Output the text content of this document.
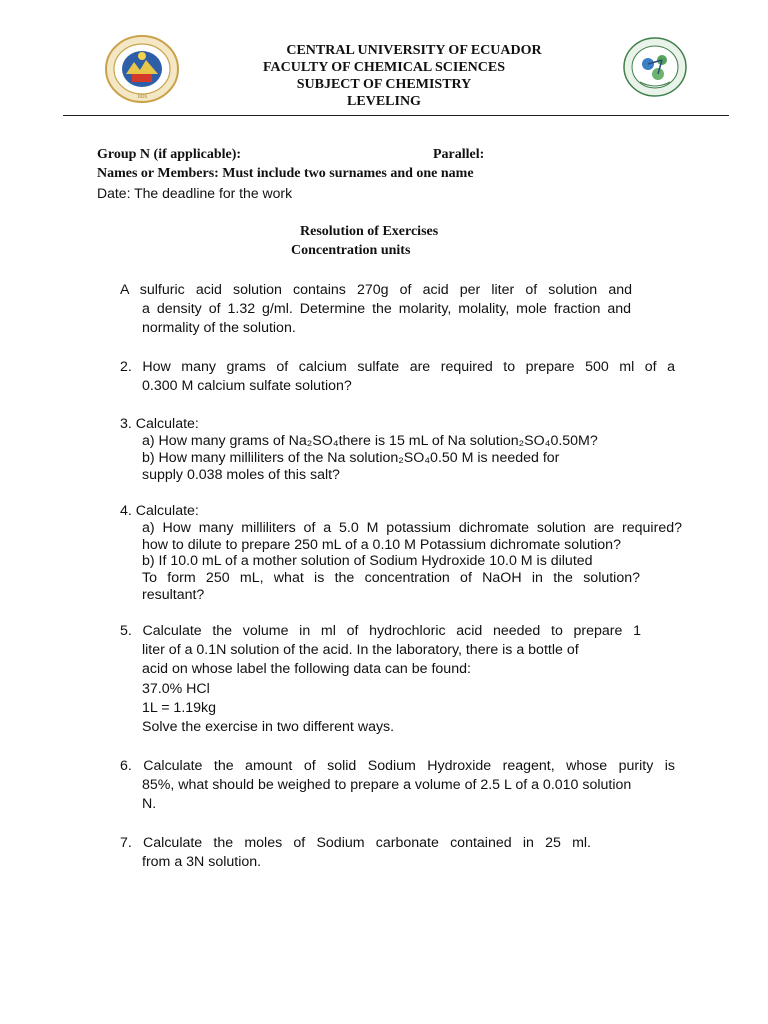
1826
CENTRAL UNIVERSITY OF ECUADOR
FACULTY OF CHEMICAL SCIENCES
SUBJECT OF CHEMISTRY
LEVELING
Group N (if applicable):	Parallel:
Names or Members: Must include two surnames and one name
Date: The deadline for the work
Resolution of Exercises
Concentration units
A sulfuric acid solution contains 270g of acid per liter of solution and
a density of 1.32 g/ml. Determine the molarity, molality, mole fraction and
normality of the solution.
2. How many grams of calcium sulfate are required to prepare 500 ml of a
0.300 M calcium sulfate solution?
3. Calculate:
a) How many grams of Na₂SO₄there is 15 mL of Na solution₂SO₄0.50M?
b) How many milliliters of the Na solution₂SO₄0.50 M is needed for
supply 0.038 moles of this salt?
4. Calculate:
a) How many milliliters of a 5.0 M potassium dichromate solution are required?
how to dilute to prepare 250 mL of a 0.10 M Potassium dichromate solution?
b) If 10.0 mL of a mother solution of Sodium Hydroxide 10.0 M is diluted
To form 250 mL, what is the concentration of NaOH in the solution?
resultant?
5. Calculate the volume in ml of hydrochloric acid needed to prepare 1
liter of a 0.1N solution of the acid. In the laboratory, there is a bottle of
acid on whose label the following data can be found:
37.0% HCl
1L = 1.19kg
Solve the exercise in two different ways.
6. Calculate the amount of solid Sodium Hydroxide reagent, whose purity is
85%, what should be weighed to prepare a volume of 2.5 L of a 0.010 solution
N.
7. Calculate the moles of Sodium carbonate contained in 25 ml.
from a 3N solution.
